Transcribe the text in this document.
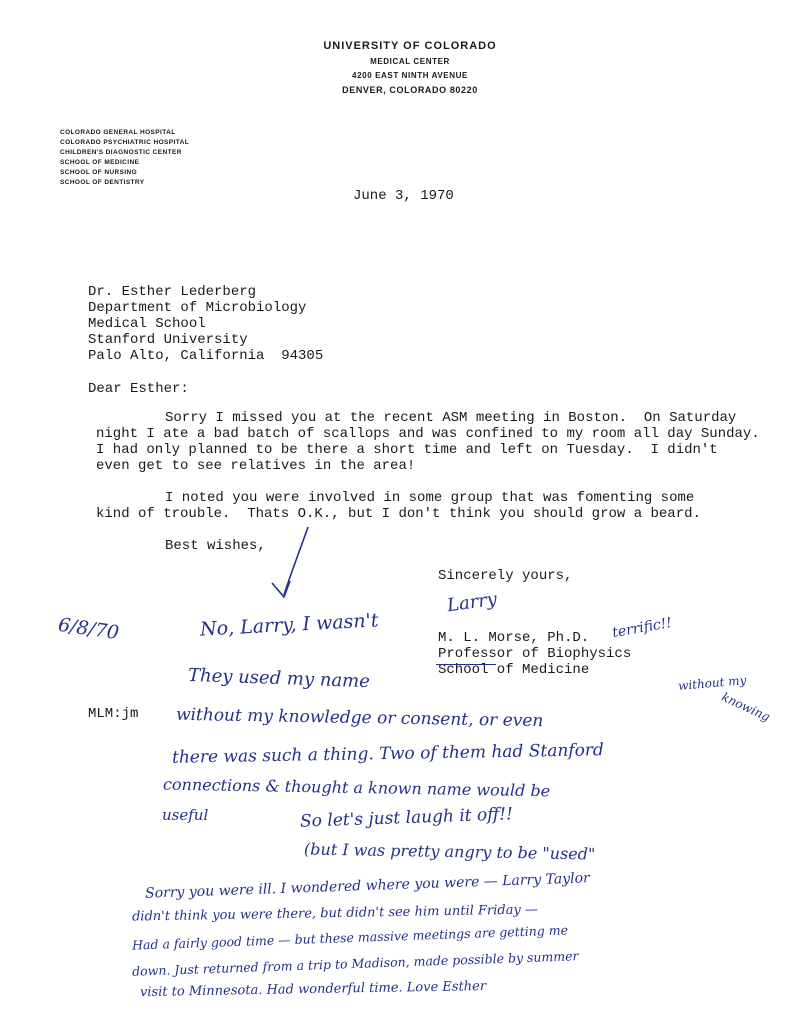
UNIVERSITY OF COLORADO
MEDICAL CENTER
4200 EAST NINTH AVENUE
DENVER, COLORADO 80220
COLORADO GENERAL HOSPITAL
COLORADO PSYCHIATRIC HOSPITAL
CHILDREN'S DIAGNOSTIC CENTER
SCHOOL OF MEDICINE
SCHOOL OF NURSING
SCHOOL OF DENTISTRY
June 3, 1970
Dr. Esther Lederberg
Department of Microbiology
Medical School
Stanford University
Palo Alto, California  94305
Dear Esther:
Sorry I missed you at the recent ASM meeting in Boston.  On Saturday
night I ate a bad batch of scallops and was confined to my room all day Sunday.
I had only planned to be there a short time and left on Tuesday.  I didn't
even get to see relatives in the area!
I noted you were involved in some group that was fomenting some
kind of trouble.  Thats O.K., but I don't think you should grow a beard.
Best wishes,
Sincerely yours,
Larry
M. L. Morse, Ph.D.
Professor of Biophysics
School of Medicine
MLM:jm
6/8/70	No, Larry, I wasn't	terrific!!
They used my name	without my
knowing
without my knowledge or consent, or even
there was such a thing. Two of them had Stanford
connections & thought a known name would be
useful	So let's just laugh it off!!
(but I was pretty angry to be "used"
Sorry you were ill. I wondered where you were — Larry Taylor
didn't think you were there, but didn't see him until Friday —
Had a fairly good time — but these massive meetings are getting me
down. Just returned from a trip to Madison, made possible by summer
visit to Minnesota. Had wonderful time. Love Esther
